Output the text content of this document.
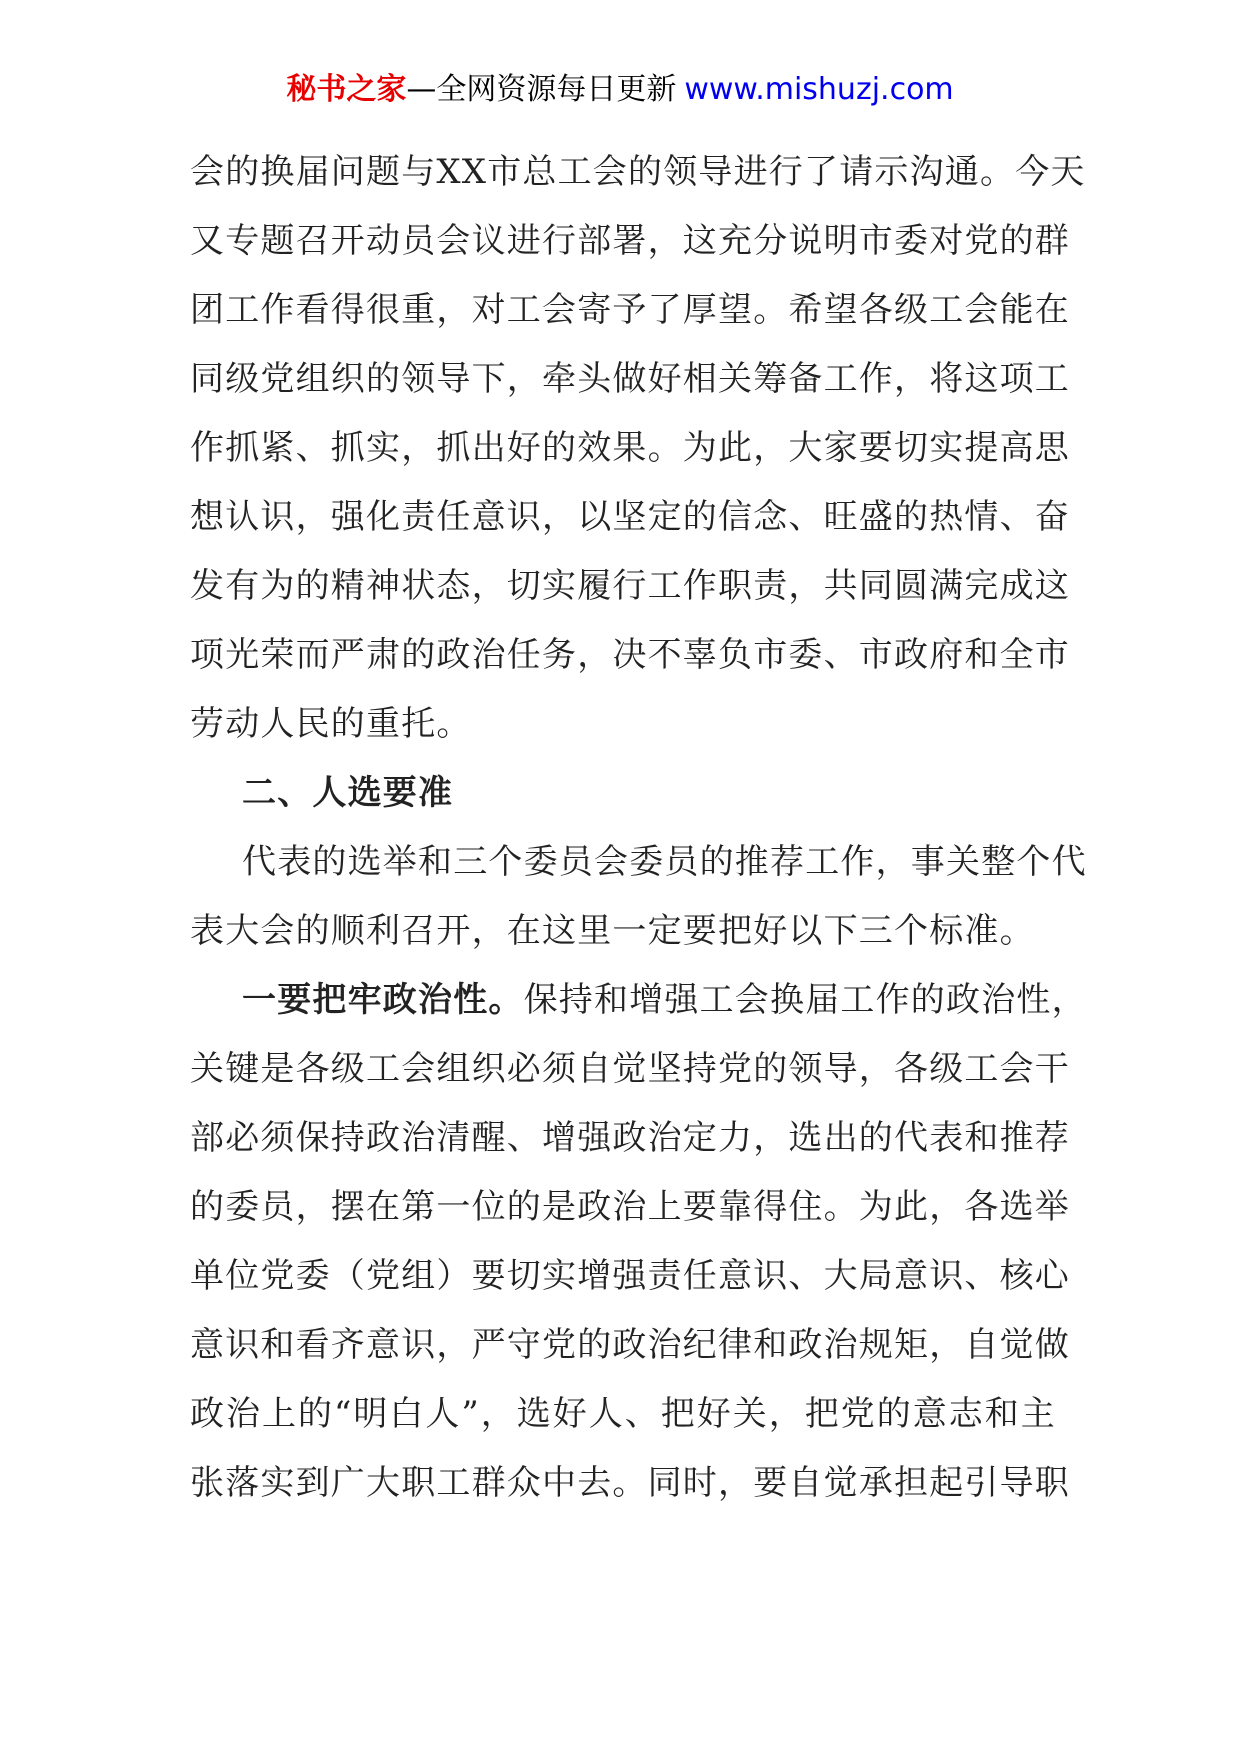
秘书之家—全网资源每日更新 www.mishuzj.com
会的换届问题与XX市总工会的领导进行了请示沟通。今天
又专题召开动员会议进行部署，这充分说明市委对党的群
团工作看得很重，对工会寄予了厚望。希望各级工会能在
同级党组织的领导下，牵头做好相关筹备工作，将这项工
作抓紧、抓实，抓出好的效果。为此，大家要切实提高思
想认识，强化责任意识，以坚定的信念、旺盛的热情、奋
发有为的精神状态，切实履行工作职责，共同圆满完成这
项光荣而严肃的政治任务，决不辜负市委、市政府和全市
劳动人民的重托。
二、人选要准
代表的选举和三个委员会委员的推荐工作，事关整个代
表大会的顺利召开，在这里一定要把好以下三个标准。
一要把牢政治性。保持和增强工会换届工作的政治性，
关键是各级工会组织必须自觉坚持党的领导，各级工会干
部必须保持政治清醒、增强政治定力，选出的代表和推荐
的委员，摆在第一位的是政治上要靠得住。为此，各选举
单位党委（党组）要切实增强责任意识、大局意识、核心
意识和看齐意识，严守党的政治纪律和政治规矩，自觉做
政治上的“明白人”，选好人、把好关，把党的意志和主
张落实到广大职工群众中去。同时，要自觉承担起引导职
